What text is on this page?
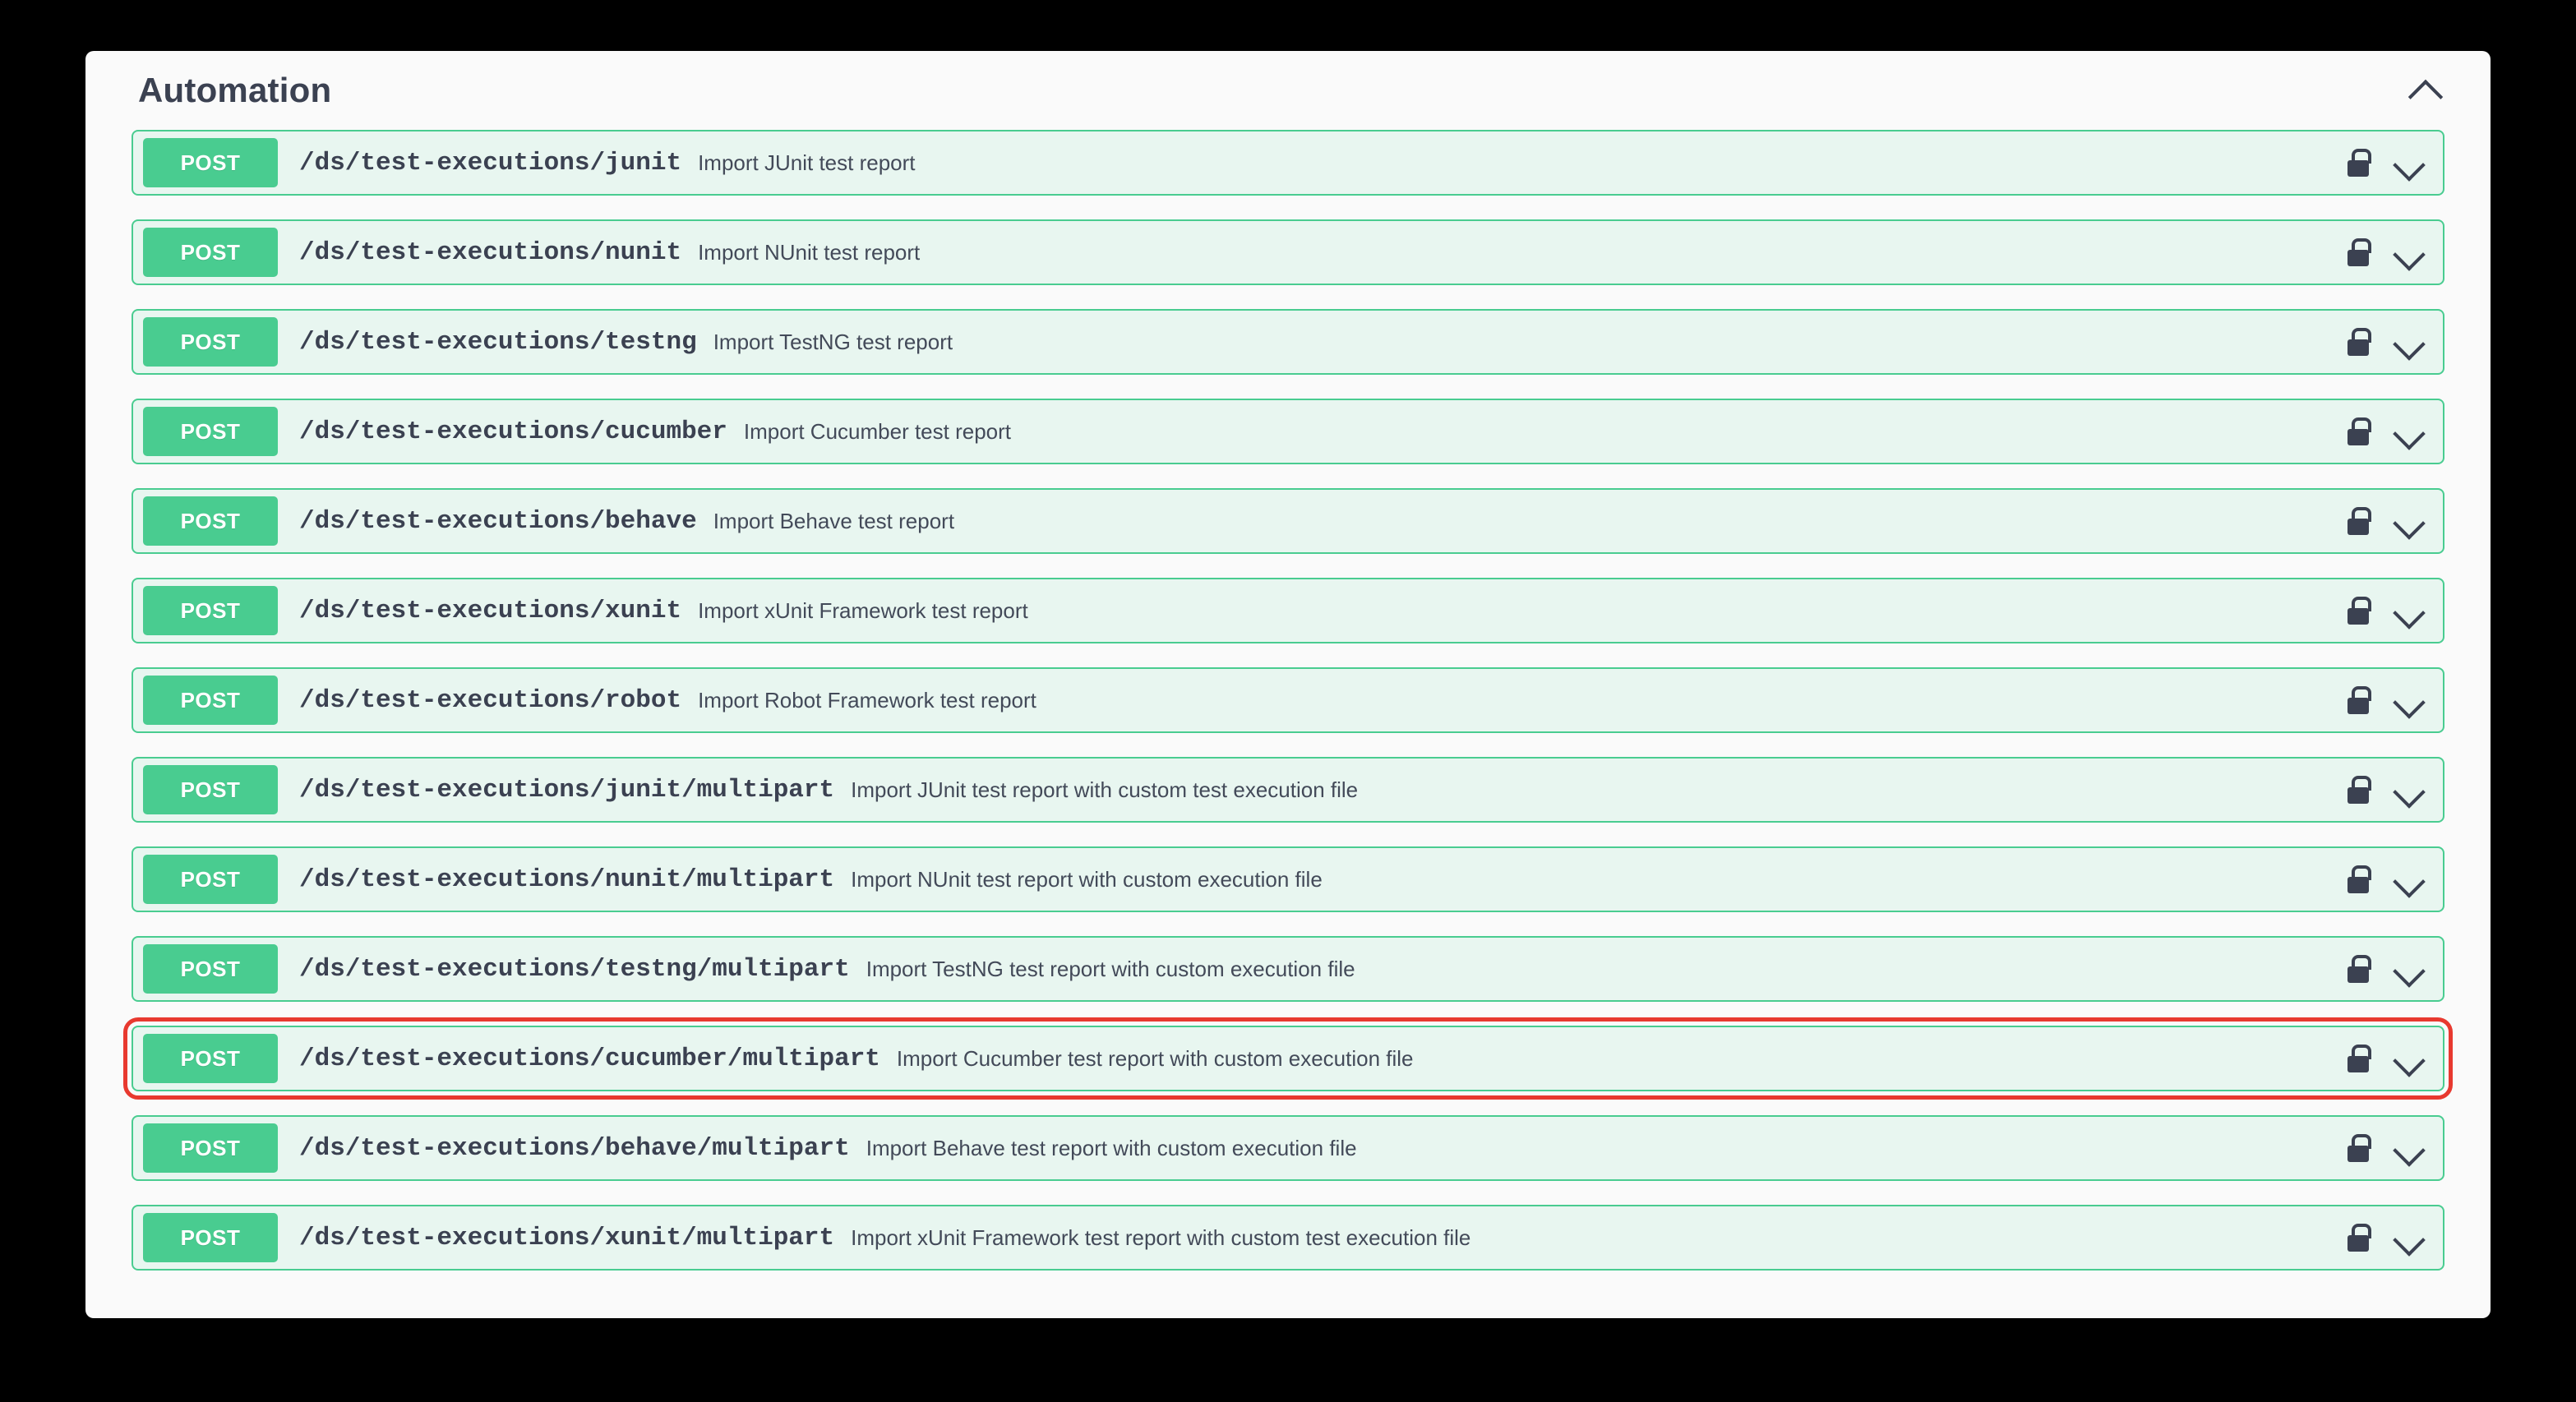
Automation
POST	/ds/test-executions/junit Import JUnit test report
POST	/ds/test-executions/nunit Import NUnit test report
POST	/ds/test-executions/testng Import TestNG test report
POST	/ds/test-executions/cucumber Import Cucumber test report
POST	/ds/test-executions/behave Import Behave test report
POST	/ds/test-executions/xunit Import xUnit Framework test report
POST	/ds/test-executions/robot Import Robot Framework test report
POST	/ds/test-executions/junit/multipart Import JUnit test report with custom test execution file
POST	/ds/test-executions/nunit/multipart Import NUnit test report with custom execution file
POST	/ds/test-executions/testng/multipart Import TestNG test report with custom execution file
POST	/ds/test-executions/cucumber/multipart Import Cucumber test report with custom execution file
POST	/ds/test-executions/behave/multipart Import Behave test report with custom execution file
POST	/ds/test-executions/xunit/multipart Import xUnit Framework test report with custom test execution file
